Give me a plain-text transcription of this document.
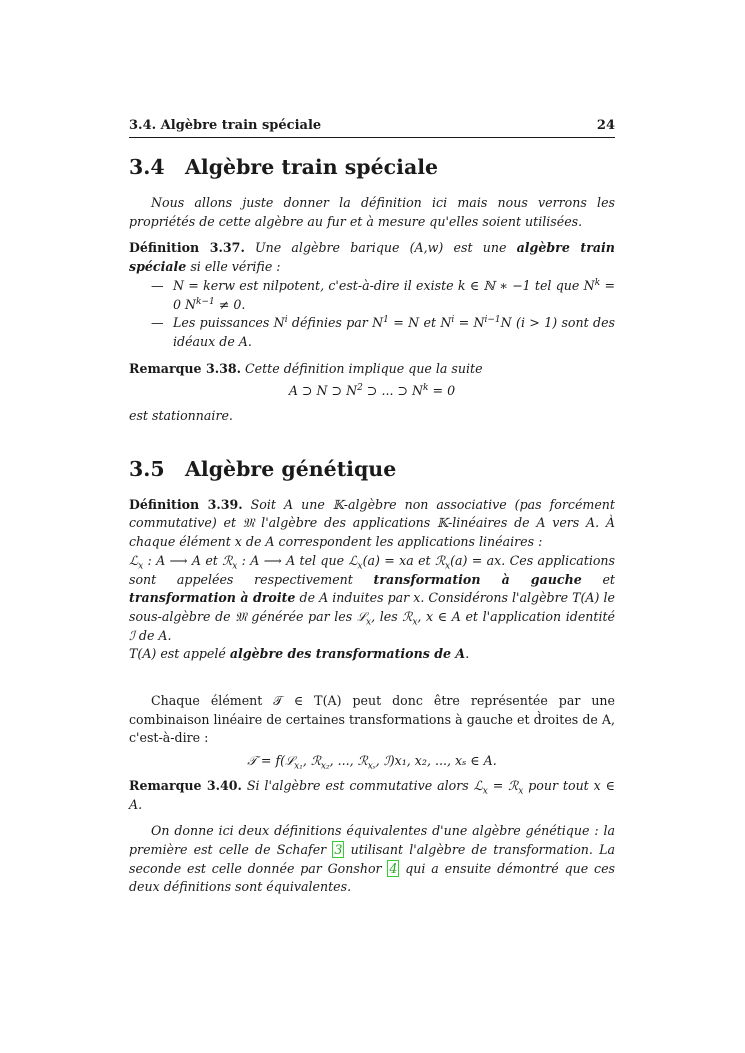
3.4. Algèbre train spéciale	24
3.4 Algèbre train spéciale

Nous allons juste donner la définition ici mais nous verrons les propriétés de cette algèbre au fur et à mesure qu'elles soient utilisées.

Définition 3.37. Une algèbre barique (A,w) est une algèbre train spéciale si elle vérifie :

— N = kerw est nilpotent, c'est-à-dire il existe k ∈ ℕ ∗ −1 tel que $N^k = 0$ $N^{k-1} \ne 0$.
— Les puissances $N^i$ définies par $N^1 = N$ et $N^i = N^{i-1}N$ (i > 1) sont des idéaux de A.

Remarque 3.38. Cette définition implique que la suite

A ⊃ N ⊃ $N^2$ ⊃ ... ⊃ $N^k = 0$

est stationnaire.

3.5 Algèbre génétique

Définition 3.39. Soit A une 𝕂-algèbre non associative (pas forcément commutative) et 𝔐 l'algèbre des applications 𝕂-linéaires de A vers A. À chaque élément x de A correspondent les applications linéaires :

ℒ$_x$ : A ⟶ A et ℛ$_x$ : A ⟶ A tel que ℒ$_x$(a) = xa et ℛ$_x$(a) = ax. Ces applications sont appelées respectivement transformation à gauche et transformation à droite de A induites par x. Considérons l'algèbre T(A) le sous-algèbre de 𝔐 générée par les ℒ$_x$, les ℛ$_x$, x ∈ A et l'application identité ℐ de A.

T(A) est appelé algèbre des transformations de A.

Chaque élément 𝒯 ∈ T(A) peut donc être représentée par une combinaison linéaire de certaines transformations à gauche et d̀roites de A, c'est-à-dire :

𝒯 = f(ℒ$_{x_1}$, ℛ$_{x_2}$, ..., ℛ$_{x_s}$, ℐ)x₁, x₂, ..., xₛ ∈ A.

Remarque 3.40. Si l'algèbre est commutative alors ℒ$_x$ = ℛ$_x$ pour tout x ∈ A.

On donne ici deux définitions équivalentes d'une algèbre génétique : la première est celle de Schafer 3 utilisant l'algèbre de transformation. La seconde est celle donnée par Gonshor 4 qui a ensuite démontré que ces deux définitions sont équivalentes.
